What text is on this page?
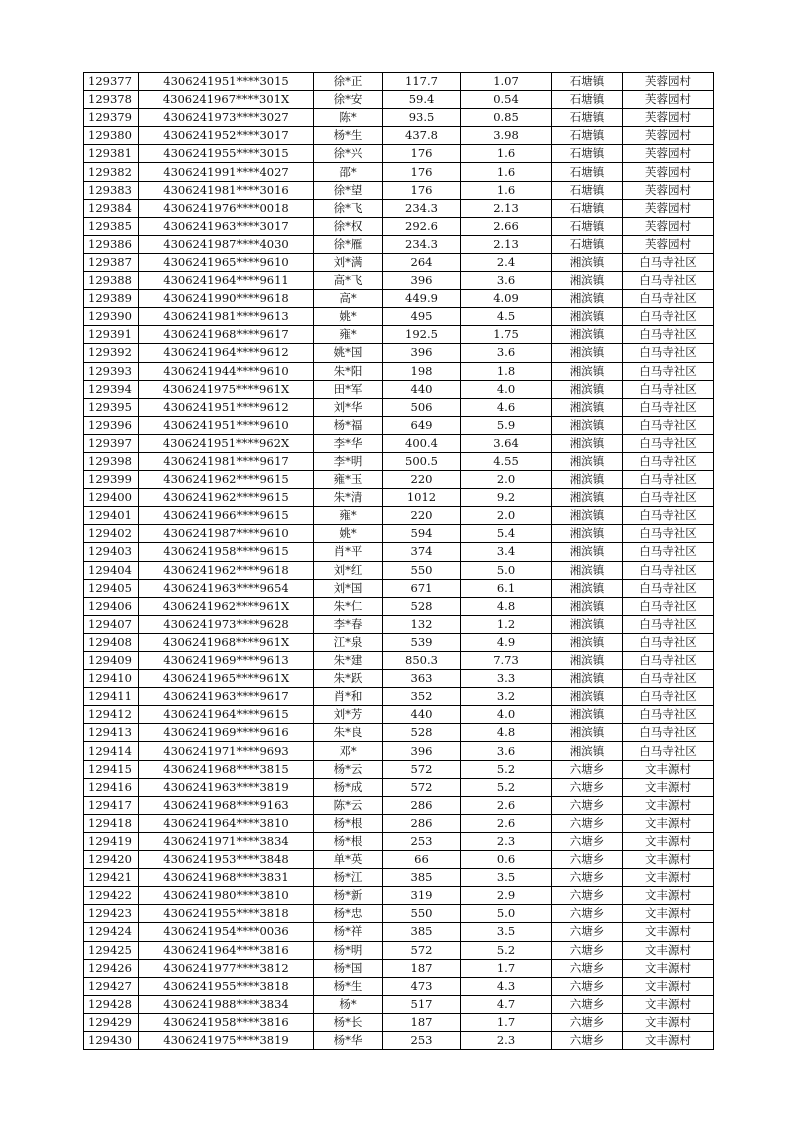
129377	4306241951****3015	徐*正	117.7	1.07	石塘镇	芙蓉园村
129378	4306241967****301X	徐*安	59.4	0.54	石塘镇	芙蓉园村
129379	4306241973****3027	陈*	93.5	0.85	石塘镇	芙蓉园村
129380	4306241952****3017	杨*生	437.8	3.98	石塘镇	芙蓉园村
129381	4306241955****3015	徐*兴	176	1.6	石塘镇	芙蓉园村
129382	4306241991****4027	邵*	176	1.6	石塘镇	芙蓉园村
129383	4306241981****3016	徐*望	176	1.6	石塘镇	芙蓉园村
129384	4306241976****0018	徐*飞	234.3	2.13	石塘镇	芙蓉园村
129385	4306241963****3017	徐*权	292.6	2.66	石塘镇	芙蓉园村
129386	4306241987****4030	徐*雁	234.3	2.13	石塘镇	芙蓉园村
129387	4306241965****9610	刘*满	264	2.4	湘滨镇	白马寺社区
129388	4306241964****9611	高*飞	396	3.6	湘滨镇	白马寺社区
129389	4306241990****9618	高*	449.9	4.09	湘滨镇	白马寺社区
129390	4306241981****9613	姚*	495	4.5	湘滨镇	白马寺社区
129391	4306241968****9617	雍*	192.5	1.75	湘滨镇	白马寺社区
129392	4306241964****9612	姚*国	396	3.6	湘滨镇	白马寺社区
129393	4306241944****9610	朱*阳	198	1.8	湘滨镇	白马寺社区
129394	4306241975****961X	田*军	440	4.0	湘滨镇	白马寺社区
129395	4306241951****9612	刘*华	506	4.6	湘滨镇	白马寺社区
129396	4306241951****9610	杨*福	649	5.9	湘滨镇	白马寺社区
129397	4306241951****962X	李*华	400.4	3.64	湘滨镇	白马寺社区
129398	4306241981****9617	李*明	500.5	4.55	湘滨镇	白马寺社区
129399	4306241962****9615	雍*玉	220	2.0	湘滨镇	白马寺社区
129400	4306241962****9615	朱*清	1012	9.2	湘滨镇	白马寺社区
129401	4306241966****9615	雍*	220	2.0	湘滨镇	白马寺社区
129402	4306241987****9610	姚*	594	5.4	湘滨镇	白马寺社区
129403	4306241958****9615	肖*平	374	3.4	湘滨镇	白马寺社区
129404	4306241962****9618	刘*红	550	5.0	湘滨镇	白马寺社区
129405	4306241963****9654	刘*国	671	6.1	湘滨镇	白马寺社区
129406	4306241962****961X	朱*仁	528	4.8	湘滨镇	白马寺社区
129407	4306241973****9628	李*春	132	1.2	湘滨镇	白马寺社区
129408	4306241968****961X	江*泉	539	4.9	湘滨镇	白马寺社区
129409	4306241969****9613	朱*建	850.3	7.73	湘滨镇	白马寺社区
129410	4306241965****961X	朱*跃	363	3.3	湘滨镇	白马寺社区
129411	4306241963****9617	肖*和	352	3.2	湘滨镇	白马寺社区
129412	4306241964****9615	刘*芳	440	4.0	湘滨镇	白马寺社区
129413	4306241969****9616	朱*良	528	4.8	湘滨镇	白马寺社区
129414	4306241971****9693	邓*	396	3.6	湘滨镇	白马寺社区
129415	4306241968****3815	杨*云	572	5.2	六塘乡	文丰源村
129416	4306241963****3819	杨*成	572	5.2	六塘乡	文丰源村
129417	4306241968****9163	陈*云	286	2.6	六塘乡	文丰源村
129418	4306241964****3810	杨*根	286	2.6	六塘乡	文丰源村
129419	4306241971****3834	杨*根	253	2.3	六塘乡	文丰源村
129420	4306241953****3848	单*英	66	0.6	六塘乡	文丰源村
129421	4306241968****3831	杨*江	385	3.5	六塘乡	文丰源村
129422	4306241980****3810	杨*新	319	2.9	六塘乡	文丰源村
129423	4306241955****3818	杨*忠	550	5.0	六塘乡	文丰源村
129424	4306241954****0036	杨*祥	385	3.5	六塘乡	文丰源村
129425	4306241964****3816	杨*明	572	5.2	六塘乡	文丰源村
129426	4306241977****3812	杨*国	187	1.7	六塘乡	文丰源村
129427	4306241955****3818	杨*生	473	4.3	六塘乡	文丰源村
129428	4306241988****3834	杨*	517	4.7	六塘乡	文丰源村
129429	4306241958****3816	杨*长	187	1.7	六塘乡	文丰源村
129430	4306241975****3819	杨*华	253	2.3	六塘乡	文丰源村
